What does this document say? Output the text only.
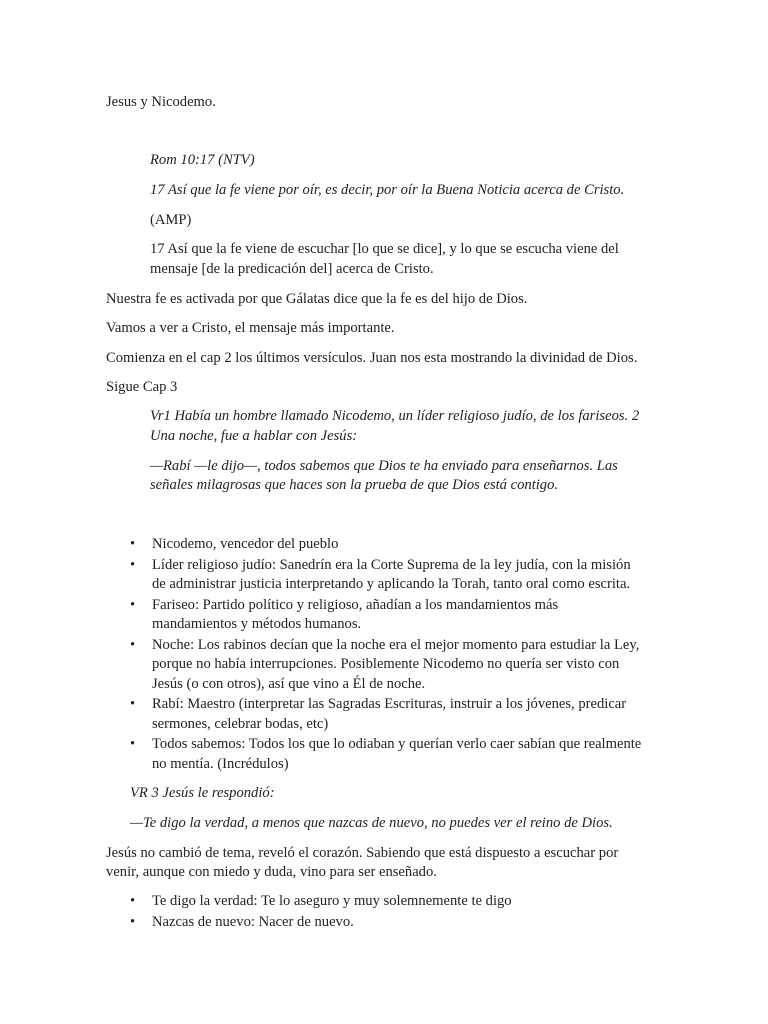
Jesus y Nicodemo.
Rom 10:17 (NTV)
17 Así que la fe viene por oír, es decir, por oír la Buena Noticia acerca de Cristo.
(AMP)
17 Así que la fe viene de escuchar [lo que se dice], y lo que se escucha viene del
mensaje [de la predicación del] acerca de Cristo.
Nuestra fe es activada por que Gálatas dice que la fe es del hijo de Dios.
Vamos a ver a Cristo, el mensaje más importante.
Comienza en el cap 2 los últimos versículos. Juan nos esta mostrando la divinidad de Dios.
Sigue Cap 3
Vr1 Había un hombre llamado Nicodemo, un líder religioso judío, de los fariseos. 2
Una noche, fue a hablar con Jesús:
—Rabí —le dijo—, todos sabemos que Dios te ha enviado para enseñarnos. Las
señales milagrosas que haces son la prueba de que Dios está contigo.
• Nicodemo, vencedor del pueblo
• Líder religioso judío: Sanedrín era la Corte Suprema de la ley judía, con la misión
de administrar justicia interpretando y aplicando la Torah, tanto oral como escrita.
• Fariseo: Partido político y religioso, añadían a los mandamientos más
mandamientos y métodos humanos.
• Noche: Los rabinos decían que la noche era el mejor momento para estudiar la Ley,
porque no había interrupciones. Posiblemente Nicodemo no quería ser visto con
Jesús (o con otros), así que vino a Él de noche.
• Rabí: Maestro (interpretar las Sagradas Escrituras, instruir a los jóvenes, predicar
sermones, celebrar bodas, etc)
• Todos sabemos: Todos los que lo odiaban y querían verlo caer sabían que realmente
no mentía. (Incrédulos)
VR 3 Jesús le respondió:
—Te digo la verdad, a menos que nazcas de nuevo, no puedes ver el reino de Dios.
Jesús no cambió de tema, reveló el corazón. Sabiendo que está dispuesto a escuchar por
venir, aunque con miedo y duda, vino para ser enseñado.
• Te digo la verdad: Te lo aseguro y muy solemnemente te digo
• Nazcas de nuevo: Nacer de nuevo.
